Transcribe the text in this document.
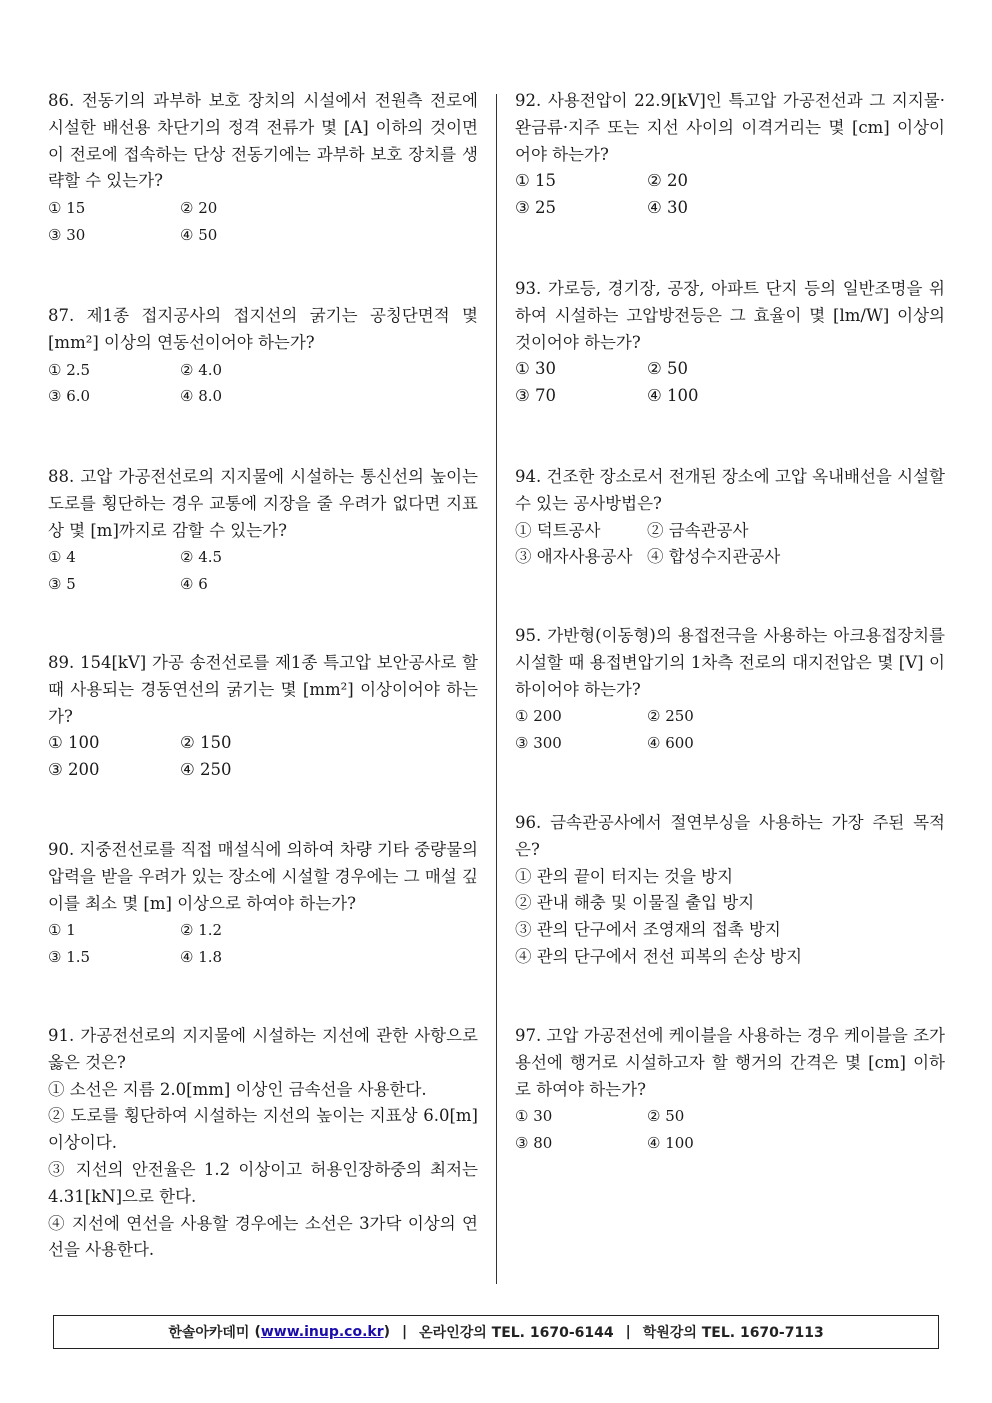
86. 전동기의 과부하 보호 장치의 시설에서 전원측 전로에 시설한 배선용 차단기의 정격 전류가 몇 [A] 이하의 것이면 이 전로에 접속하는 단상 전동기에는 과부하 보호 장치를 생략할 수 있는가?
① 15	② 20
③ 30	④ 50
87. 제1종 접지공사의 접지선의 굵기는 공칭단면적 몇 [mm²] 이상의 연동선이어야 하는가?
① 2.5	② 4.0
③ 6.0	④ 8.0
88. 고압 가공전선로의 지지물에 시설하는 통신선의 높이는 도로를 횡단하는 경우 교통에 지장을 줄 우려가 없다면 지표상 몇 [m]까지로 감할 수 있는가?
① 4	② 4.5
③ 5	④ 6
89. 154[kV] 가공 송전선로를 제1종 특고압 보안공사로 할 때 사용되는 경동연선의 굵기는 몇 [mm²] 이상이어야 하는가?
① 100	② 150
③ 200	④ 250
90. 지중전선로를 직접 매설식에 의하여 차량 기타 중량물의 압력을 받을 우려가 있는 장소에 시설할 경우에는 그 매설 깊이를 최소 몇 [m] 이상으로 하여야 하는가?
① 1	② 1.2
③ 1.5	④ 1.8
91. 가공전선로의 지지물에 시설하는 지선에 관한 사항으로 옳은 것은?
① 소선은 지름 2.0[mm] 이상인 금속선을 사용한다.
② 도로를 횡단하여 시설하는 지선의 높이는 지표상 6.0[m] 이상이다.
③ 지선의 안전율은 1.2 이상이고 허용인장하중의 최저는 4.31[kN]으로 한다.
④ 지선에 연선을 사용할 경우에는 소선은 3가닥 이상의 연선을 사용한다.
92. 사용전압이 22.9[kV]인 특고압 가공전선과 그 지지물·완금류·지주 또는 지선 사이의 이격거리는 몇 [cm] 이상이어야 하는가?
① 15	② 20
③ 25	④ 30
93. 가로등, 경기장, 공장, 아파트 단지 등의 일반조명을 위하여 시설하는 고압방전등은 그 효율이 몇 [lm/W] 이상의 것이어야 하는가?
① 30	② 50
③ 70	④ 100
94. 건조한 장소로서 전개된 장소에 고압 옥내배선을 시설할 수 있는 공사방법은?
① 덕트공사	② 금속관공사
③ 애자사용공사 ④ 합성수지관공사
95. 가반형(이동형)의 용접전극을 사용하는 아크용접장치를 시설할 때 용접변압기의 1차측 전로의 대지전압은 몇 [V] 이하이어야 하는가?
① 200	② 250
③ 300	④ 600
96. 금속관공사에서 절연부싱을 사용하는 가장 주된 목적은?
① 관의 끝이 터지는 것을 방지
② 관내 해충 및 이물질 출입 방지
③ 관의 단구에서 조영재의 접촉 방지
④ 관의 단구에서 전선 피복의 손상 방지
97. 고압 가공전선에 케이블을 사용하는 경우 케이블을 조가용선에 행거로 시설하고자 할 행거의 간격은 몇 [cm] 이하로 하여야 하는가?
① 30	② 50
③ 80	④ 100
한솔아카데미 ( www.inup.co.kr ) | 온라인강의 TEL. 1670-6144 | 학원강의 TEL. 1670-7113
